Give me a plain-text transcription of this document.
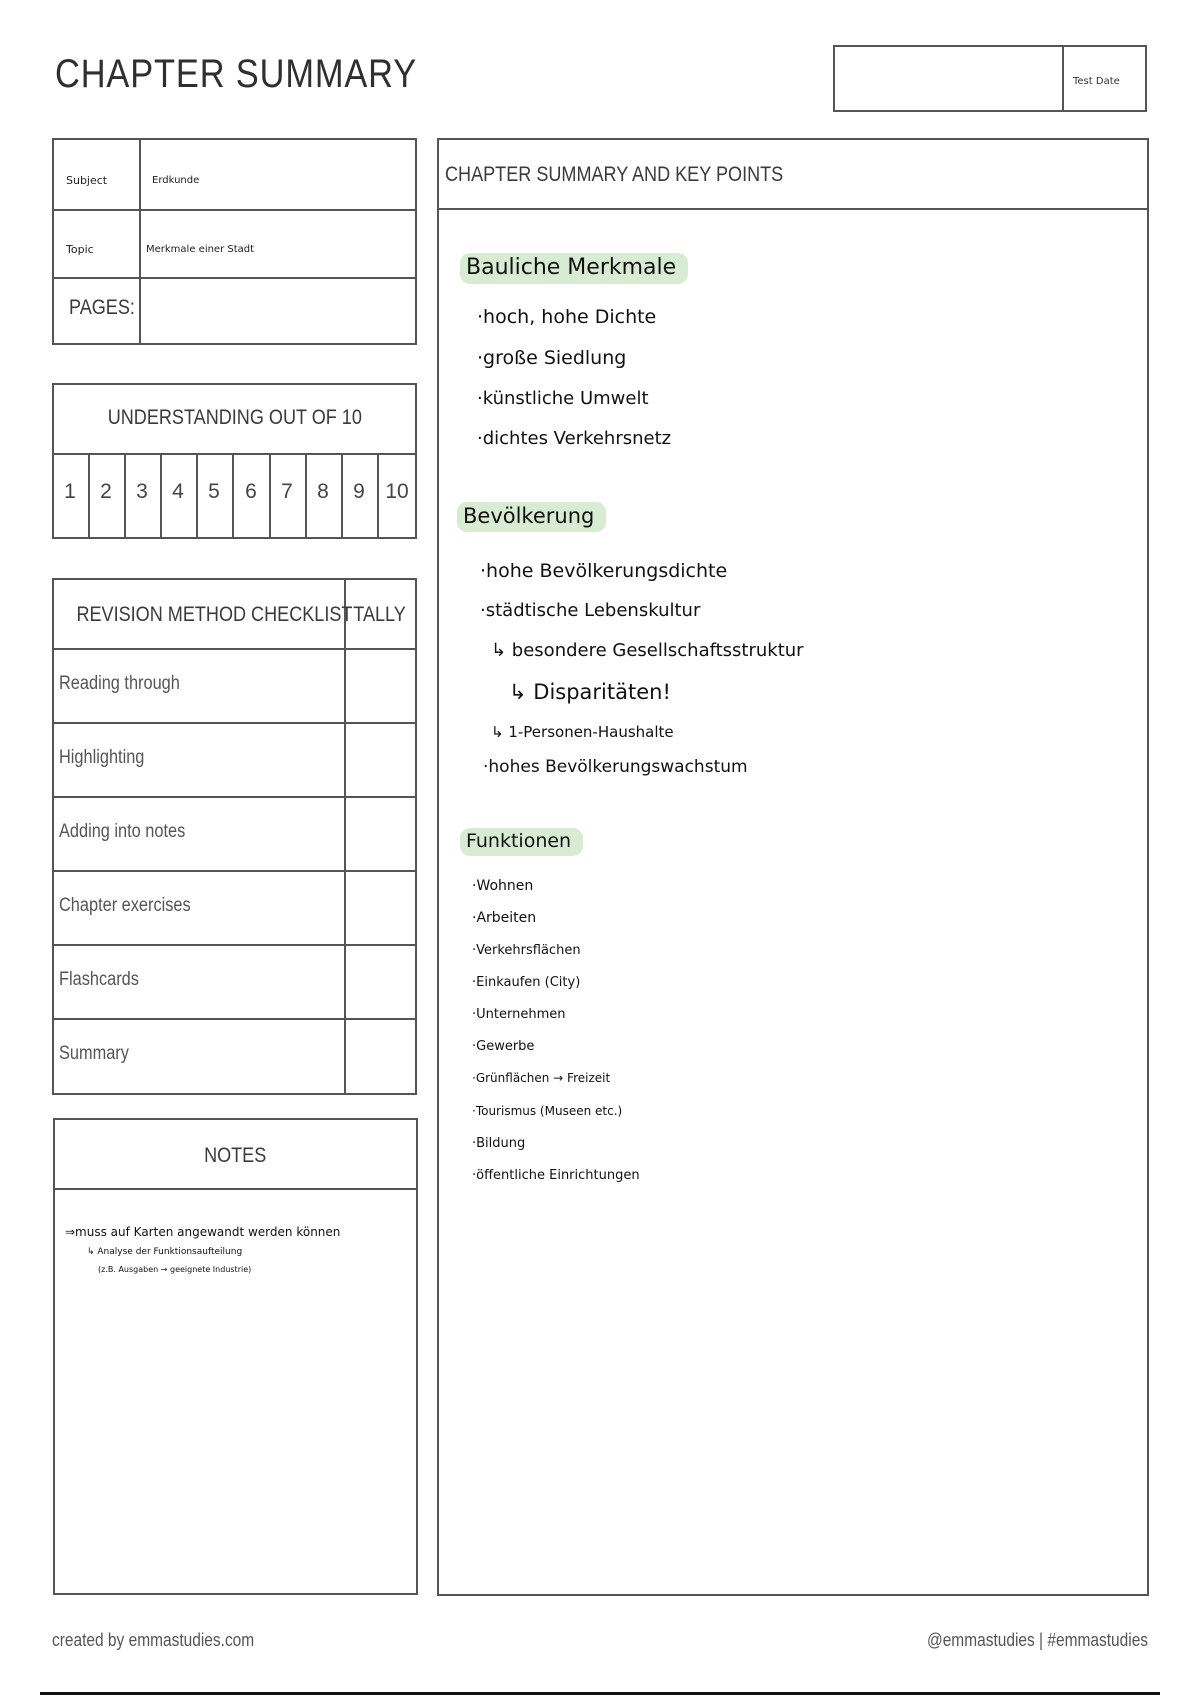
CHAPTER SUMMARY	Test Date
Subject	Erdkunde
Topic	Merkmale einer Stadt
PAGES:
UNDERSTANDING OUT OF 10
1	2	3	4	5	6	7	8	9 10
REVISION METHOD CHECKLIST TALLY
Reading through
Highlighting
Adding into notes
Chapter exercises
Flashcards
Summary
NOTES
⇒muss auf Karten angewandt werden können
↳ Analyse der Funktionsaufteilung
(z.B. Ausgaben → geeignete Industrie)
CHAPTER SUMMARY AND KEY POINTS
Bauliche Merkmale
·hoch, hohe Dichte
·große Siedlung
·künstliche Umwelt
·dichtes Verkehrsnetz
Bevölkerung
·hohe Bevölkerungsdichte
·städtische Lebenskultur
↳ besondere Gesellschaftsstruktur
↳ Disparitäten!
↳ 1-Personen-Haushalte
·hohes Bevölkerungswachstum
Funktionen
·Wohnen
·Arbeiten
·Verkehrsflächen
·Einkaufen (City)
·Unternehmen
·Gewerbe
·Grünflächen → Freizeit
·Tourismus (Museen etc.)
·Bildung
·öffentliche Einrichtungen
created by emmastudies.com	@emmastudies | #emmastudies
